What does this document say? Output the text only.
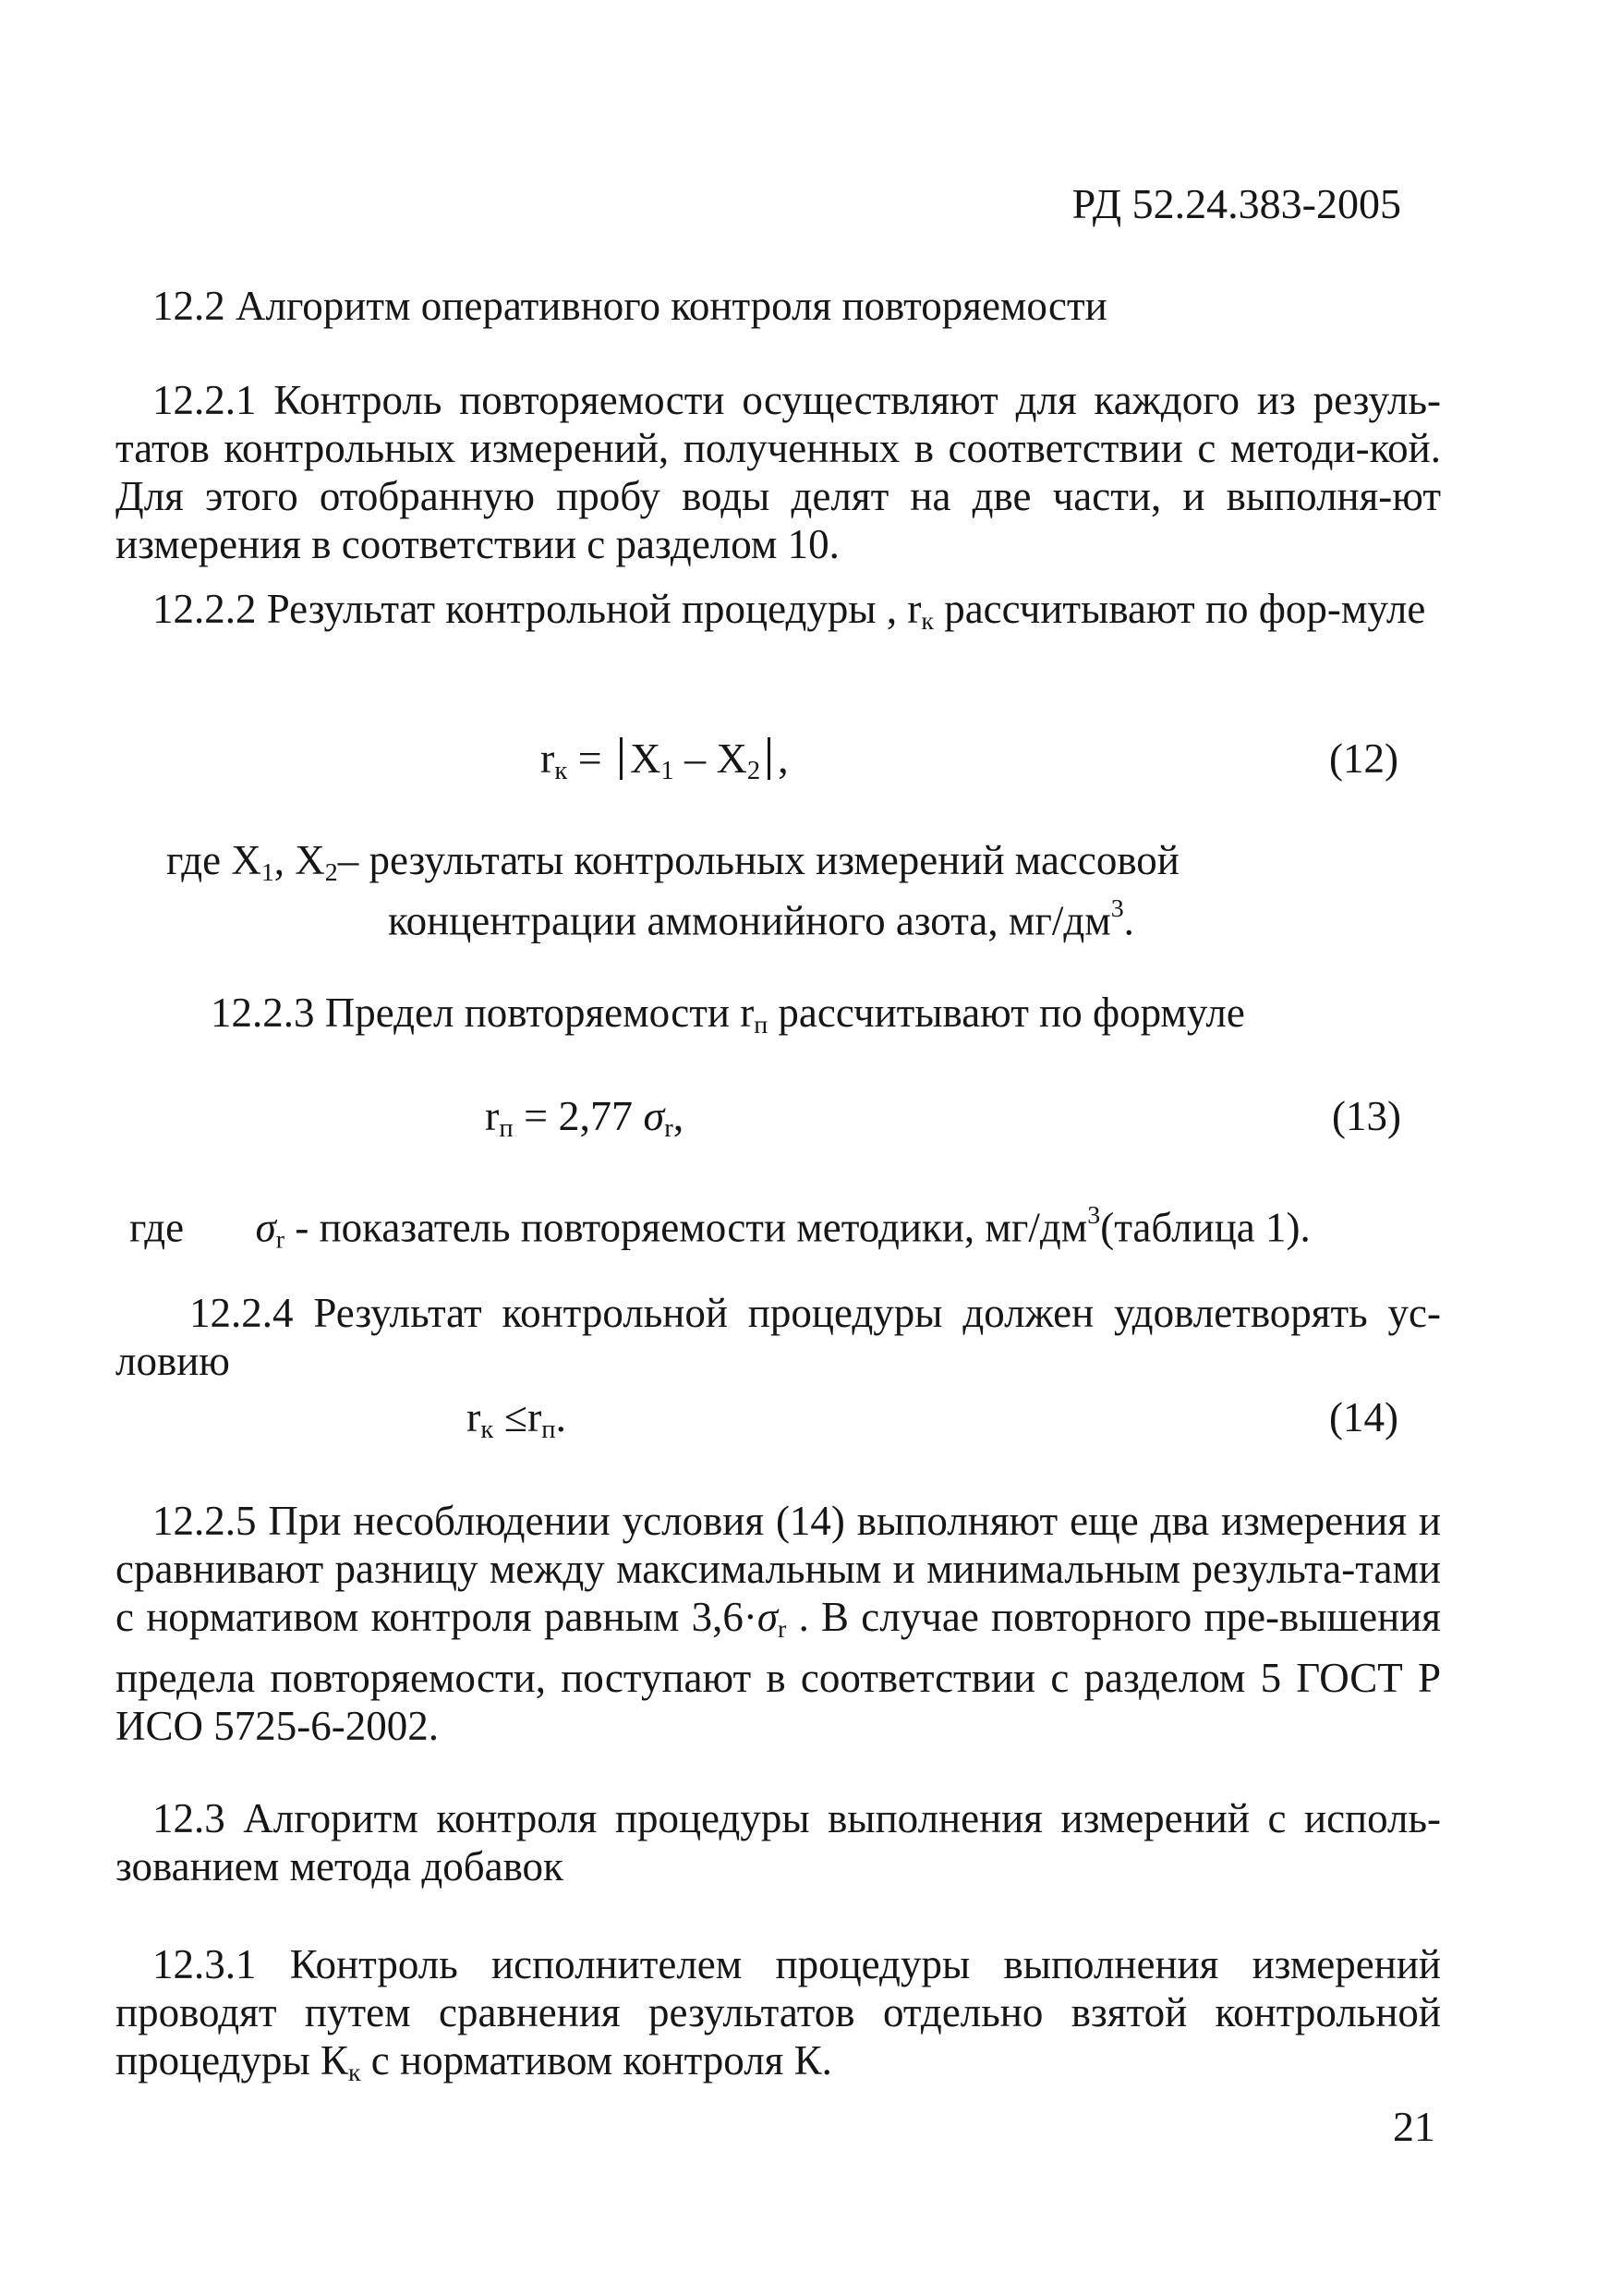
РД 52.24.383-2005
12.2 Алгоритм оперативного контроля повторяемости
12.2.1 Контроль повторяемости осуществляют для каждого из резуль-татов контрольных измерений, полученных в соответствии с методи-кой. Для этого отобранную пробу воды делят на две части, и выполня-ют измерения в соответствии с разделом 10.
12.2.2 Результат контрольной процедуры , $r_к$ рассчитывают по фор-муле
$r_к = X_1 - X_2$ ,	(12)
где $X_1$, $X_2-$ результаты контрольных измерений массовой
концентрации аммонийного азота, $мг/дм^3$.
12.2.3 Предел повторяемости $r_п$ рассчитывают по формуле
$r_п = 2,77$ $\sigma_r$,	(13)
где $\sigma_r$ - показатель повторяемости методики, $мг/дм^3(таблица$ 1).
12.2.4 Результат контрольной процедуры должен удовлетворять ус-ловию
$r_к \le r_п$.	(14)
12.2.5 При несоблюдении условия (14) выполняют еще два измерения и сравнивают разницу между максимальным и минимальным результа-тами с нормативом контроля равным $3,6\cdot\sigma_r$ . В случае повторного пре-вышения предела повторяемости, поступают в соответствии с разделом 5 ГОСТ Р ИСО 5725-6-2002.
12.3 Алгоритм контроля процедуры выполнения измерений с исполь-зованием метода добавок
12.3.1 Контроль исполнителем процедуры выполнения измерений проводят путем сравнения результатов отдельно взятой контрольной процедуры $К_к$ с нормативом контроля К.
21
